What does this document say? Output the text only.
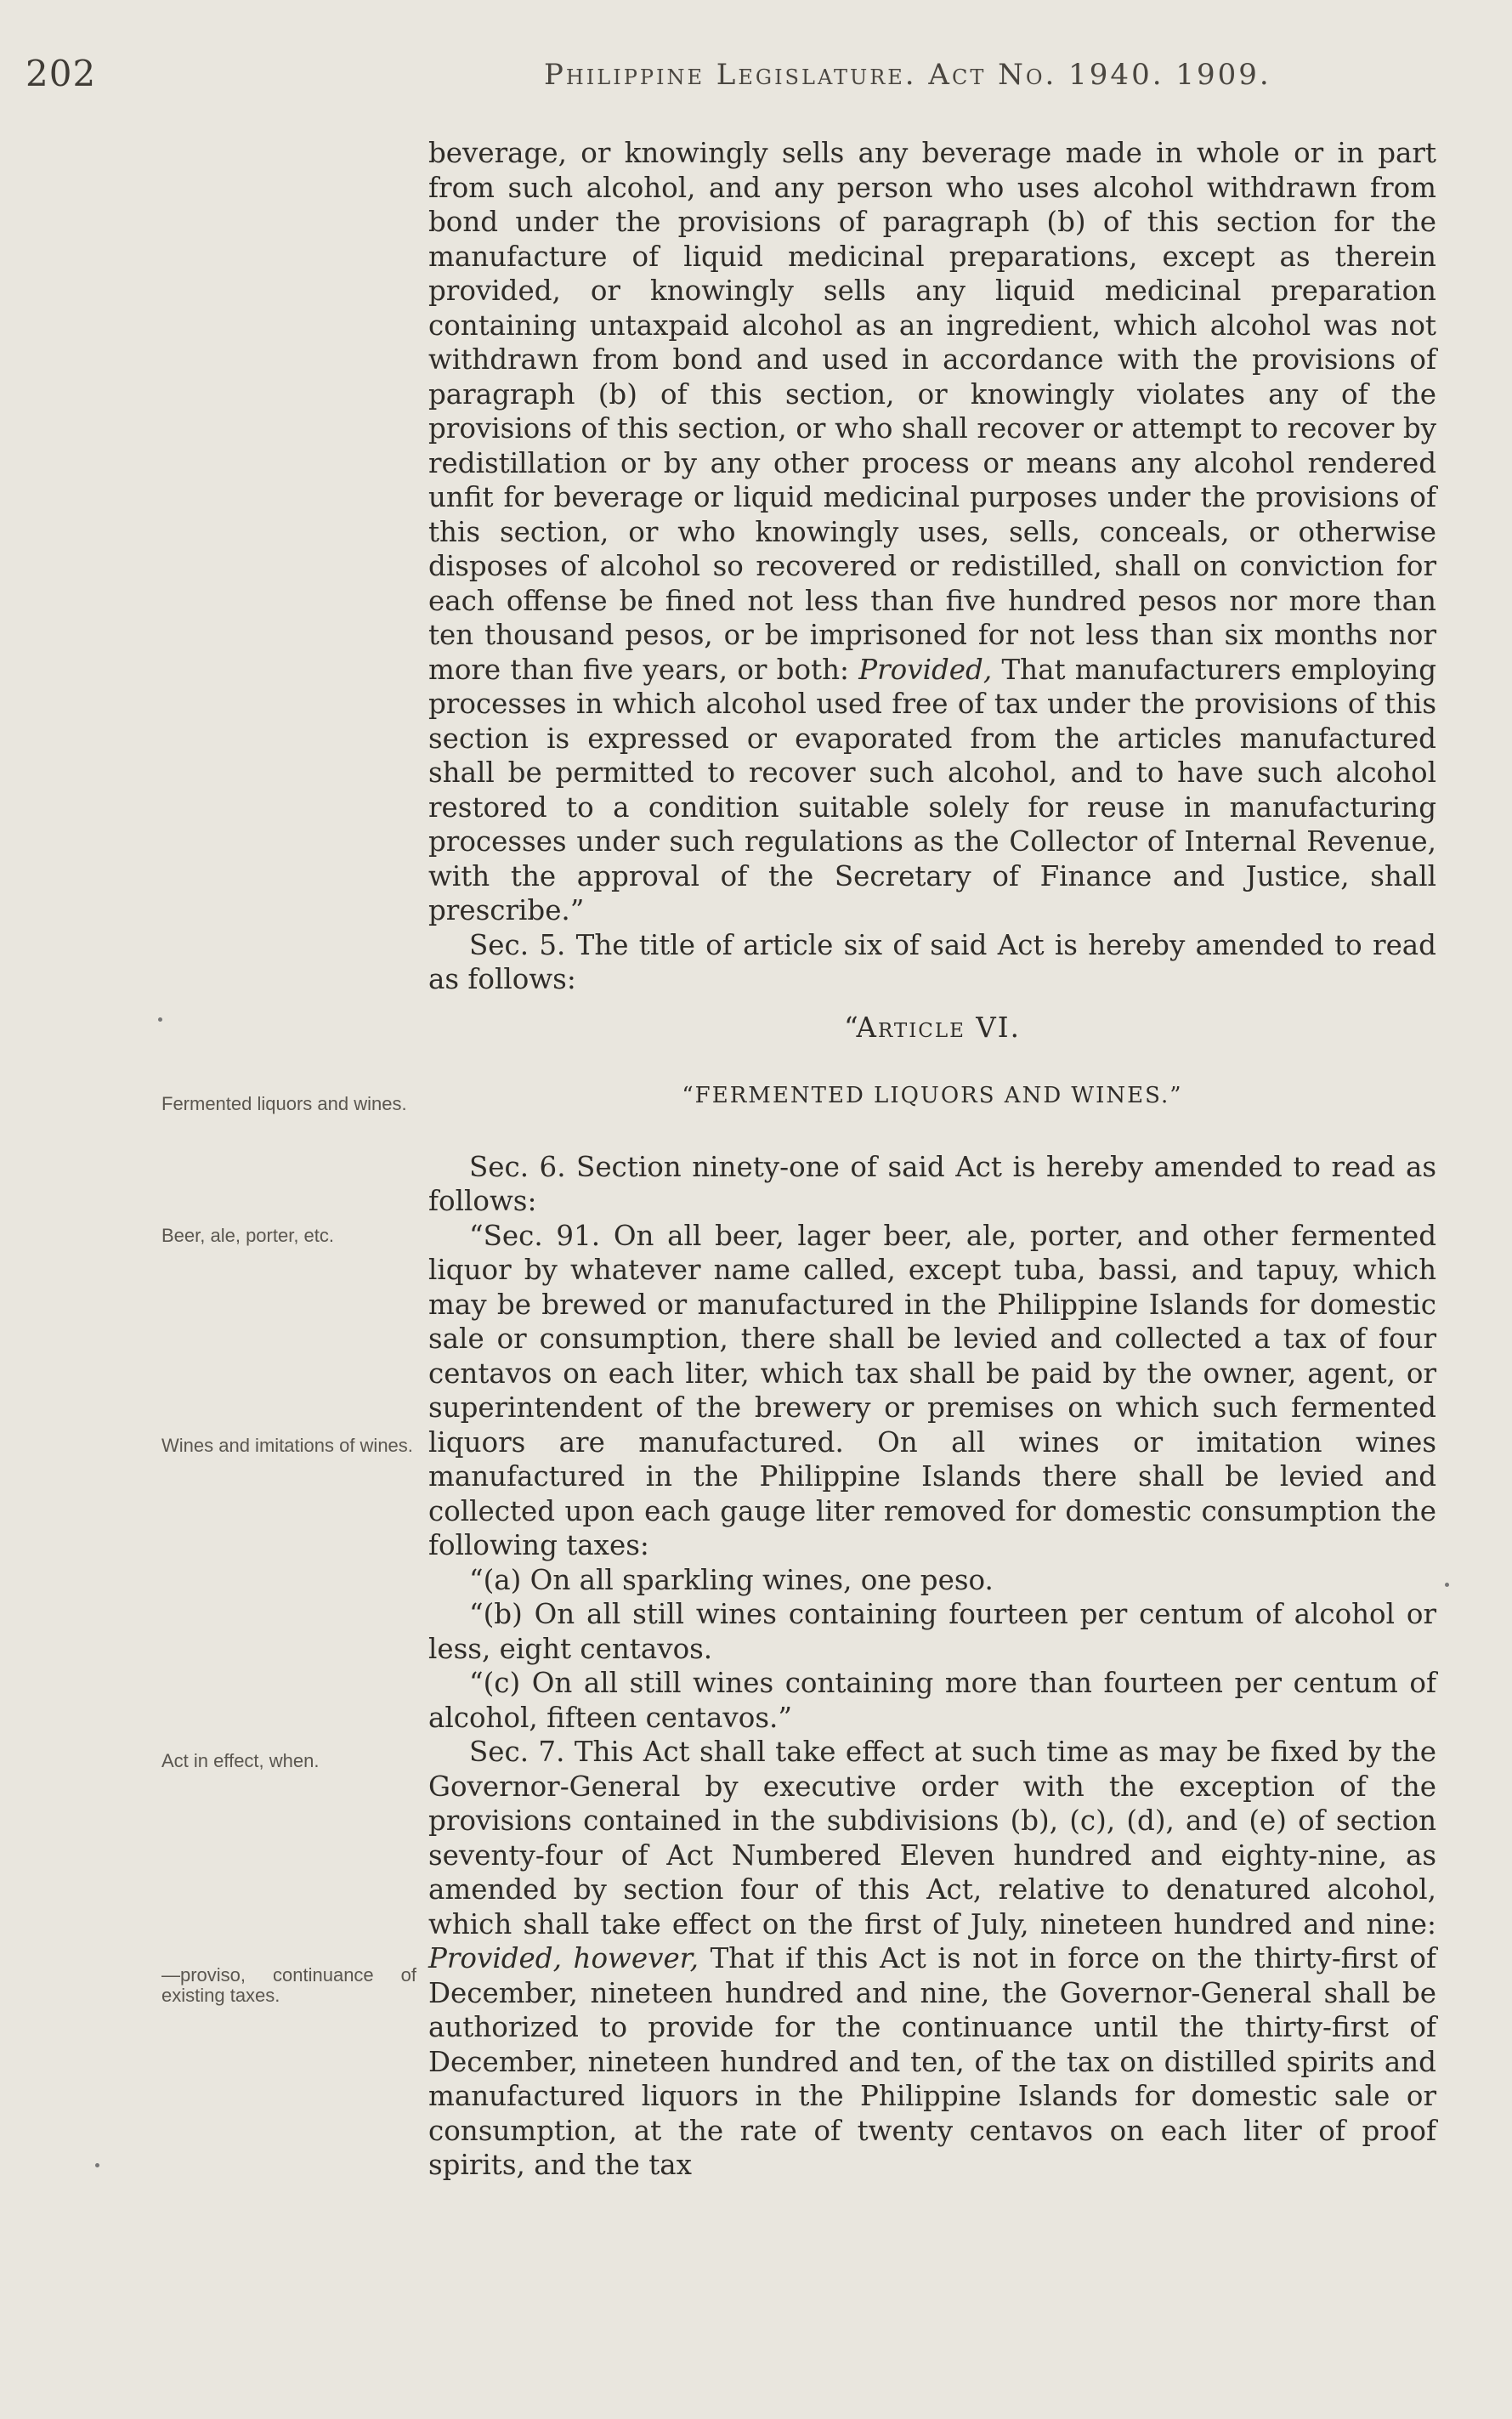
202	Philippine Legislature. Act No. 1940. 1909.

beverage, or knowingly sells any beverage made in whole or in part from such alcohol, and any person who uses alcohol withdrawn from bond under the provisions of paragraph (b) of this section for the manufacture of liquid medicinal preparations, except as therein provided, or knowingly sells any liquid medicinal preparation containing untaxpaid alcohol as an ingredient, which alcohol was not withdrawn from bond and used in accordance with the provisions of paragraph (b) of this section, or knowingly violates any of the provisions of this section, or who shall recover or attempt to recover by redistillation or by any other process or means any alcohol rendered unfit for beverage or liquid medicinal purposes under the provisions of this section, or who knowingly uses, sells, conceals, or otherwise disposes of alcohol so recovered or redistilled, shall on conviction for each offense be fined not less than five hundred pesos nor more than ten thousand pesos, or be imprisoned for not less than six months nor more than five years, or both: Provided, That manufacturers employing processes in which alcohol used free of tax under the provisions of this section is expressed or evaporated from the articles manufactured shall be permitted to recover such alcohol, and to have such alcohol restored to a condition suitable solely for reuse in manufacturing processes under such regulations as the Collector of Internal Revenue, with the approval of the Secretary of Finance and Justice, shall prescribe.”

Sec. 5. The title of article six of said Act is hereby amended to read as follows:

“Article VI.

“FERMENTED LIQUORS AND WINES.”

Sec. 6. Section ninety-one of said Act is hereby amended to read as follows:

“Sec. 91. On all beer, lager beer, ale, porter, and other fermented liquor by whatever name called, except tuba, bassi, and tapuy, which may be brewed or manufactured in the Philippine Islands for domestic sale or consumption, there shall be levied and collected a tax of four centavos on each liter, which tax shall be paid by the owner, agent, or superintendent of the brewery or premises on which such fermented liquors are manufactured. On all wines or imitation wines manufactured in the Philippine Islands there shall be levied and collected upon each gauge liter removed for domestic consumption the following taxes:

“(a) On all sparkling wines, one peso.

“(b) On all still wines containing fourteen per centum of alcohol or less, eight centavos.

“(c) On all still wines containing more than fourteen per centum of alcohol, fifteen centavos.”

Sec. 7. This Act shall take effect at such time as may be fixed by the Governor-General by executive order with the exception of the provisions contained in the subdivisions (b), (c), (d), and (e) of section seventy-four of Act Numbered Eleven hundred and eighty-nine, as amended by section four of this Act, relative to denatured alcohol, which shall take effect on the first of July, nineteen hundred and nine: Provided, however, That if this Act is not in force on the thirty-first of December, nineteen hundred and nine, the Governor-General shall be authorized to provide for the continuance until the thirty-first of December, nineteen hundred and ten, of the tax on distilled spirits and manufactured liquors in the Philippine Islands for domestic sale or consumption, at the rate of twenty centavos on each liter of proof spirits, and the tax

Fermented liquors and wines.
Beer, ale, porter, etc.
Wines and imitations of wines.
Act in effect, when.
—proviso, continuance of existing taxes.
